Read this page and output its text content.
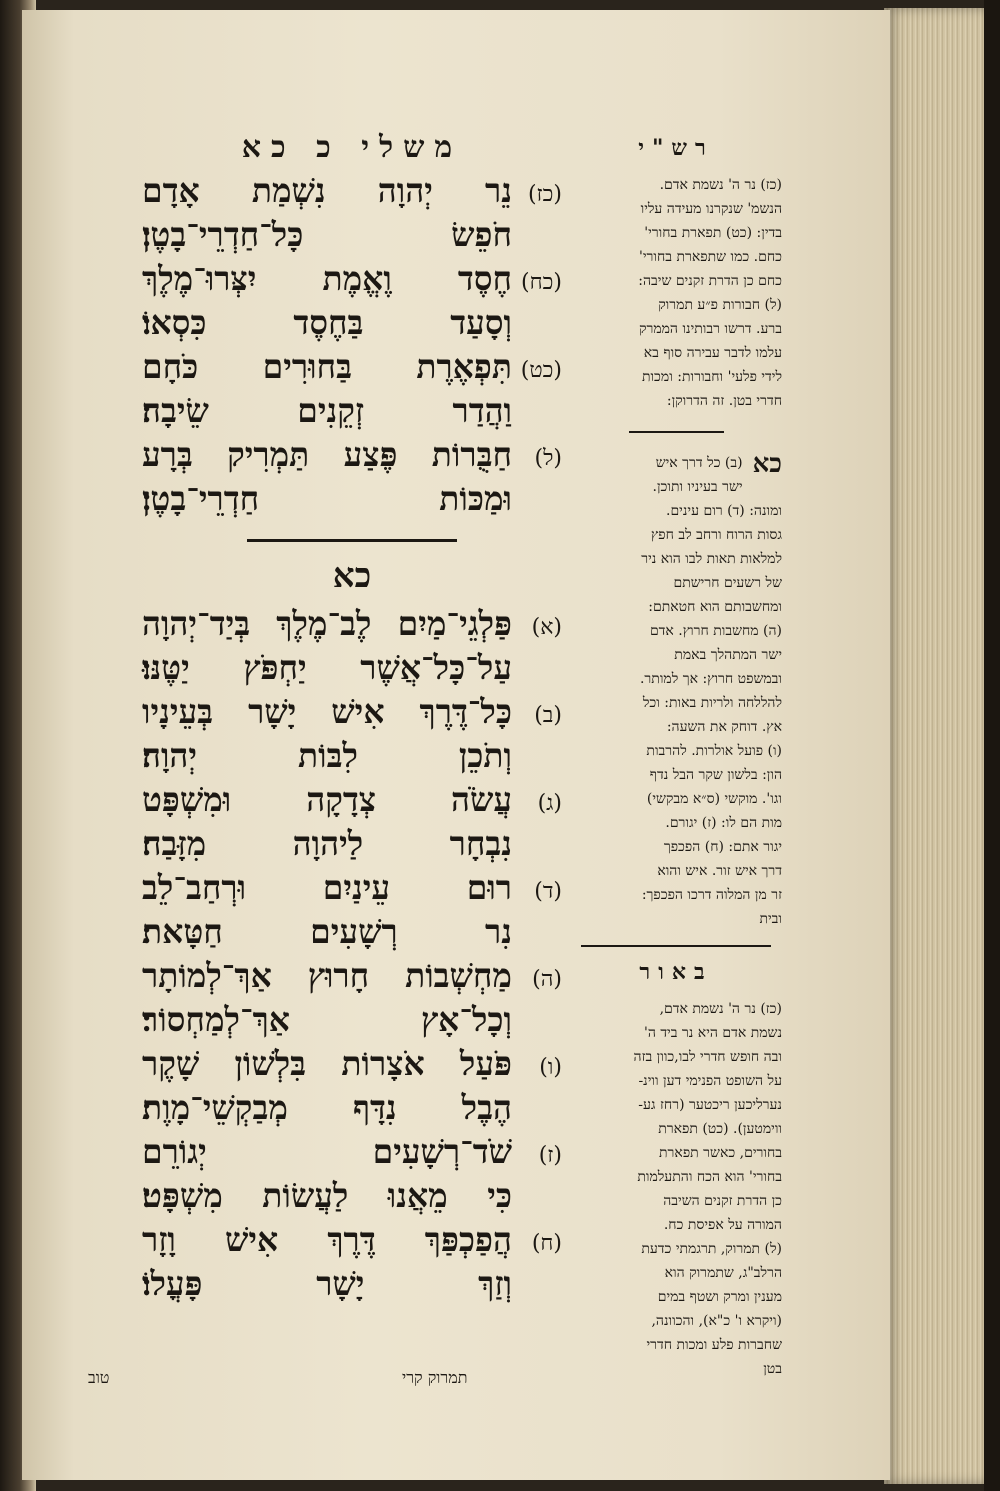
משלי כ כא
(כז)
נֵר יְהוָה נִשְׁמַת אָדָם
חֹפֵשׂ כָּל־חַדְרֵי־בָטֶן׃
(כח)
חֶסֶד וֶאֱמֶת יִצְּרוּ־מֶלֶךְ
וְסָעַד בַּחֶסֶד כִּסְאוֹ׃
(כט)
תִּפְאֶרֶת בַּחוּרִים כֹּחָם
וַהֲדַר זְקֵנִים שֵׂיבָה׃
(ל)
חַבֻּרוֹת פֶּצַע תַּמְרִיק בְּרָע
וּמַכּוֹת חַדְרֵי־בָטֶן׃
כא
(א)
פַּלְגֵי־מַיִם לֶב־מֶלֶךְ בְּיַד־יְהוָה
עַל־כָּל־אֲשֶׁר יַחְפֹּץ יַטֶּנּוּ׃
(ב)
כָּל־דֶּרֶךְ אִישׁ יָשָׁר בְּעֵינָיו
וְתֹכֵן לִבּוֹת יְהוָה׃
(ג)
עֲשֹׂה צְדָקָה וּמִשְׁפָּט
נִבְחָר לַיהוָה מִזָּבַח׃
(ד)
רוּם עֵינַיִם וּרְחַב־לֵב
נִר רְשָׁעִים חַטָּאת׃
(ה)
מַחְשְׁבוֹת חָרוּץ אַךְ־לְמוֹתָר
וְכָל־אָץ אַךְ־לְמַחְסוֹר׃
(ו)
פֹּעַל אֹצָרוֹת בִּלְשׁוֹן שָׁקֶר
הֶבֶל נִדָּף מְבַקְשֵׁי־מָוֶת׃
(ז)
שֹׁד־רְשָׁעִים יְגוֹרֵם
כִּי מֵאֲנוּ לַעֲשׂוֹת מִשְׁפָּט׃
(ח)
הֲפַכְפַּךְ דֶּרֶךְ אִישׁ וָזָר
וְזַךְ יָשָׁר פָּעֳלוֹ׃
רש"י
(כז) נר ה' נשמת אדם.
הנשמ' שנקרנו מעידה עליו
בדין: (כט) תפארת בחורי'
כחם. כמו שתפארת בחורי'
כחם כן הדרת זקנים שיבה:
(ל) חבורות פ״ע תמרוק
ברע. דרשו רבותינו הממרק
עלמו לדבר עבירה סוף בא
לידי פלעי' וחבורות: ומכות
חדרי בטן. זה הדרוקן:
כא
(ב) כל דרך איש
ישר בעיניו ותוכן.
ומונה: (ד) רום עינים.
גסות הרוח ורחב לב חפץ
למלאות תאות לבו הוא ניר
של רשעים חרישתם
ומחשבותם הוא חטאתם:
(ה) מחשבות חרוץ. אדם
ישר המתהלך באמת
ובמשפט חרוץ: אך למותר.
להללחה ולריות באות: וכל
אץ. דוחק את השעה:
(ו) פועל אולרות. להרבות
הון: בלשון שקר הבל נדף
וגו'. מוקשי (ס״א מבקשי)
מות הם לו: (ז) יגורם.
יגור אתם: (ח) הפכפך
דרך איש זור. איש והוא
זר מן המלוה דרכו הפכפך:
ובית
באור
(כז) נר ה' נשמת אדם,
נשמת אדם היא נר ביד ה'
ובה חופש חדרי לבו,כוון בזה
על השופט הפנימי דען ווינ-
נערליכען ריכטער (רחז גע-
ווימטען). (כט) תפארת
בחורים, כאשר תפארת
בחורי' הוא הכח והתעלמות
כן הדרת זקנים השיבה
המורה על אפיסת כח.
(ל) תמרוק, תרגמתי כדעת
הרלב"ג, שתמרוק הוא
מענין ומרק ושטף במים
(ויקרא ו' כ"א), והכוונה,
שחברות פלע ומכות חדרי
בטן
תמרוק קרי
טוב
